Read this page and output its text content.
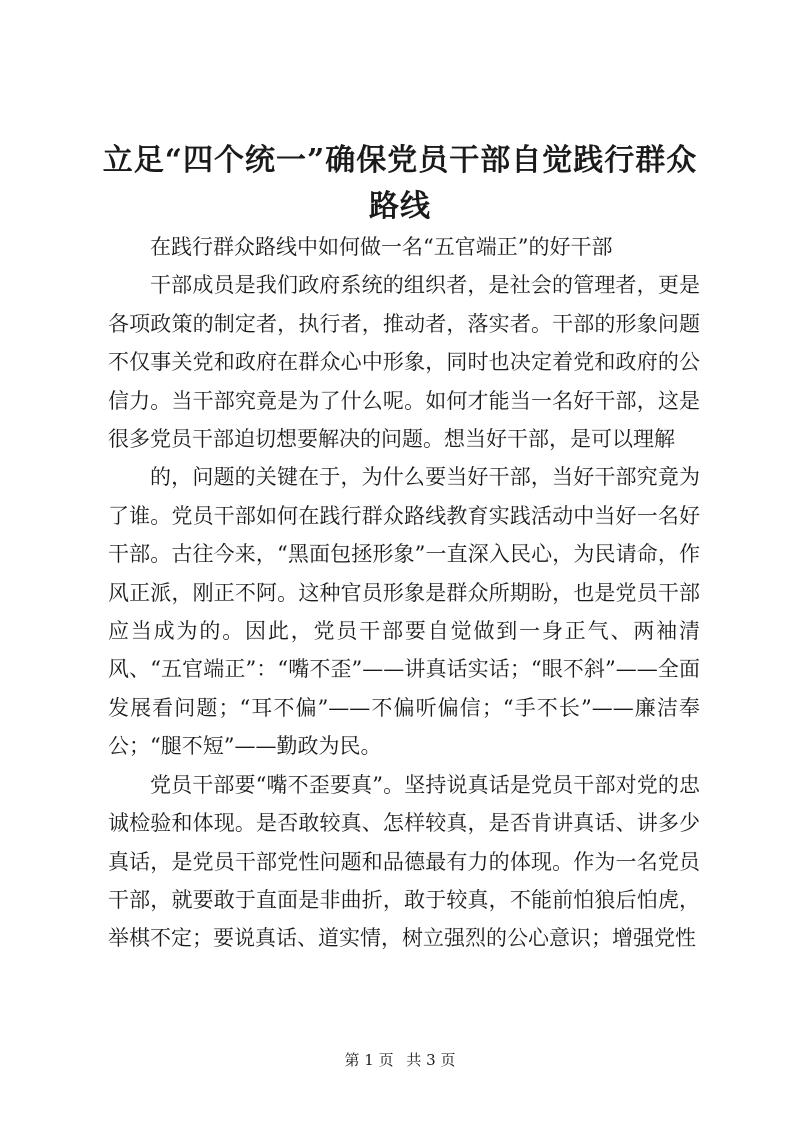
立足“四个统一”确保党员干部自觉践行群众路线

在践行群众路线中如何做一名“五官端正”的好干部

干部成员是我们政府系统的组织者，是社会的管理者，更是各项政策的制定者，执行者，推动者，落实者。干部的形象问题不仅事关党和政府在群众心中形象，同时也决定着党和政府的公信力。当干部究竟是为了什么呢。如何才能当一名好干部，这是很多党员干部迫切想要解决的问题。想当好干部，是可以理解

的，问题的关键在于，为什么要当好干部，当好干部究竟为了谁。党员干部如何在践行群众路线教育实践活动中当好一名好干部。古往今来，“黑面包拯形象”一直深入民心，为民请命，作风正派，刚正不阿。这种官员形象是群众所期盼，也是党员干部应当成为的。因此，党员干部要自觉做到一身正气、两袖清风、“五官端正”：“嘴不歪”——讲真话实话；“眼不斜”——全面发展看问题；“耳不偏”——不偏听偏信；“手不长”——廉洁奉公；“腿不短”——勤政为民。

党员干部要“嘴不歪要真”。坚持说真话是党员干部对党的忠诚检验和体现。是否敢较真、怎样较真，是否肯讲真话、讲多少真话，是党员干部党性问题和品德最有力的体现。作为一名党员干部，就要敢于直面是非曲折，敢于较真，不能前怕狼后怕虎，举棋不定；要说真话、道实情，树立强烈的公心意识；增强党性

第 1 页 共 3 页
